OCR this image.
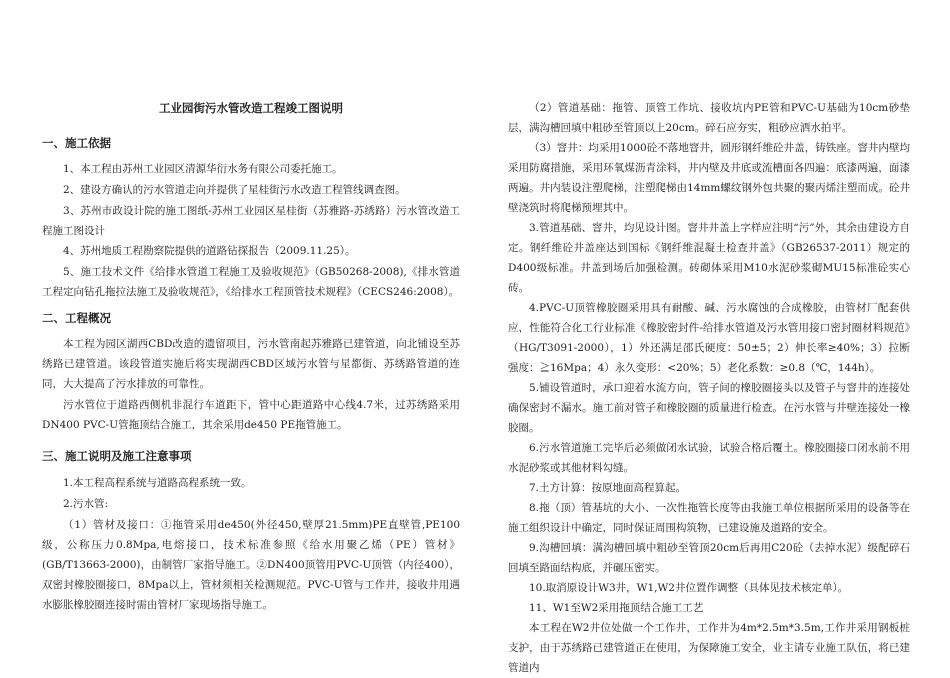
工业园街污水管改造工程竣工图说明
一、施工依据
1、本工程由苏州工业园区清源华衍水务有限公司委托施工。
2、建设方确认的污水管道走向并提供了星桂街污水改造工程管线调查图。
3、苏州市政设计院的施工图纸-苏州工业园区星桂街（苏雅路-苏绣路）污水管改造工程施工图设计
4、苏州地质工程勘察院提供的道路钻探报告（2009.11.25）。
5、施工技术文件《给排水管道工程施工及验收规范》（GB50268-2008),《排水管道工程定向钻孔拖拉法施工及验收规范》，《给排水工程顶管技术规程》（CECS246:2008）。
二、工程概况
本工程为园区湖西CBD改造的遗留项目，污水管南起苏雅路已建管道，向北铺设至苏绣路已建管道。该段管道实施后将实现湖西CBD区域污水管与星都街、苏绣路管道的连同，大大提高了污水排放的可靠性。
污水管位于道路西侧机非混行车道距下，管中心距道路中心线4.7米，过苏绣路采用DN400 PVC-U管拖顶结合施工，其余采用de450 PE拖管施工。
三、施工说明及施工注意事项
1.本工程高程系统与道路高程系统一致。
2.污水管:
（1）管材及接口：①拖管采用de450(外径450,壁厚21.5mm)PE直壁管,PE100级，公称压力0.8Mpa,电熔接口，技术标准参照《给水用聚乙烯（PE）管材》(GB/T13663-2000)，由制管厂家指导施工。②DN400顶管用PVC-U顶管（内径400），双密封橡胶圈接口，8Mpa以上，管材须相关检测规范。PVC-U管与工作井，接收井用遇水膨胀橡胶圈连接时需由管材厂家现场指导施工。
（2）管道基础：拖管、顶管工作坑、接收坑内PE管和PVC-U基础为10cm砂垫层，满沟槽回填中粗砂至管顶以上20cm。碎石应夯实，粗砂应洒水拍平。
（3）窨井：均采用1000砼不落地窨井，圆形钢纤维砼井盖，铸铁座。窨井内壁均采用防腐措施，采用环氧煤沥青涂料，井内壁及井底或流槽面各四遍：底漆两遍，面漆两遍。井内装设注塑爬梯，注塑爬梯由14mm螺纹钢外包共聚的聚丙烯注塑而成。砼井壁浇筑时将爬梯预埋其中。
3.管道基础、窨井，均见设计图。窨井井盖上字样应注明“污”外，其余由建设方自定。钢纤维砼井盖座达到国标《钢纤维混凝土检查井盖》（GB26537-2011）规定的D400级标准。井盖到场后加强检测。砖砌体采用M10水泥砂浆砌MU15标准砼实心砖。
4.PVC-U顶管橡胶圈采用具有耐酸、碱、污水腐蚀的合成橡胶，由管材厂配套供应，性能符合化工行业标准《橡胶密封件-给排水管道及污水管用接口密封圈材料规范》（HG/T3091-2000），1）外还满足邵氏硬度：50±5；2）伸长率≥40%；3）拉断强度：≧16Mpa；4）永久变形：<20%；5）老化系数：≥0.8（℃，144h）。
5.铺设管道时，承口迎着水流方向，管子间的橡胶圈接头以及管子与窨井的连接处确保密封不漏水。施工前对管子和橡胶圈的质量进行检查。在污水管与井壁连接处一橡胶圈。
6.污水管道施工完毕后必须做闭水试验，试验合格后覆土。橡胶圈接口闭水前不用水泥砂浆或其他材料勾缝。
7.土方计算：按原地面高程算起。
8.拖（顶）管基坑的大小、一次性拖管长度等由我施工单位根据所采用的设备等在施工组织设计中确定，同时保证周围构筑物，已建设施及道路的安全。
9.沟槽回填：满沟槽回填中粗砂至管顶20cm后再用C20砼（去掉水泥）级配碎石回填至路面结构底，并碾压密实。
10.取消原设计W3井，W1,W2井位置作调整（具体见技术核定单）。
11、W1至W2采用拖顶结合施工工艺
本工程在W2井位处做一个工作井，工作井为4m*2.5m*3.5m,工作井采用钢板桩支护，由于苏绣路已建管道正在使用，为保障施工安全，业主请专业施工队伍，将已建管道内
